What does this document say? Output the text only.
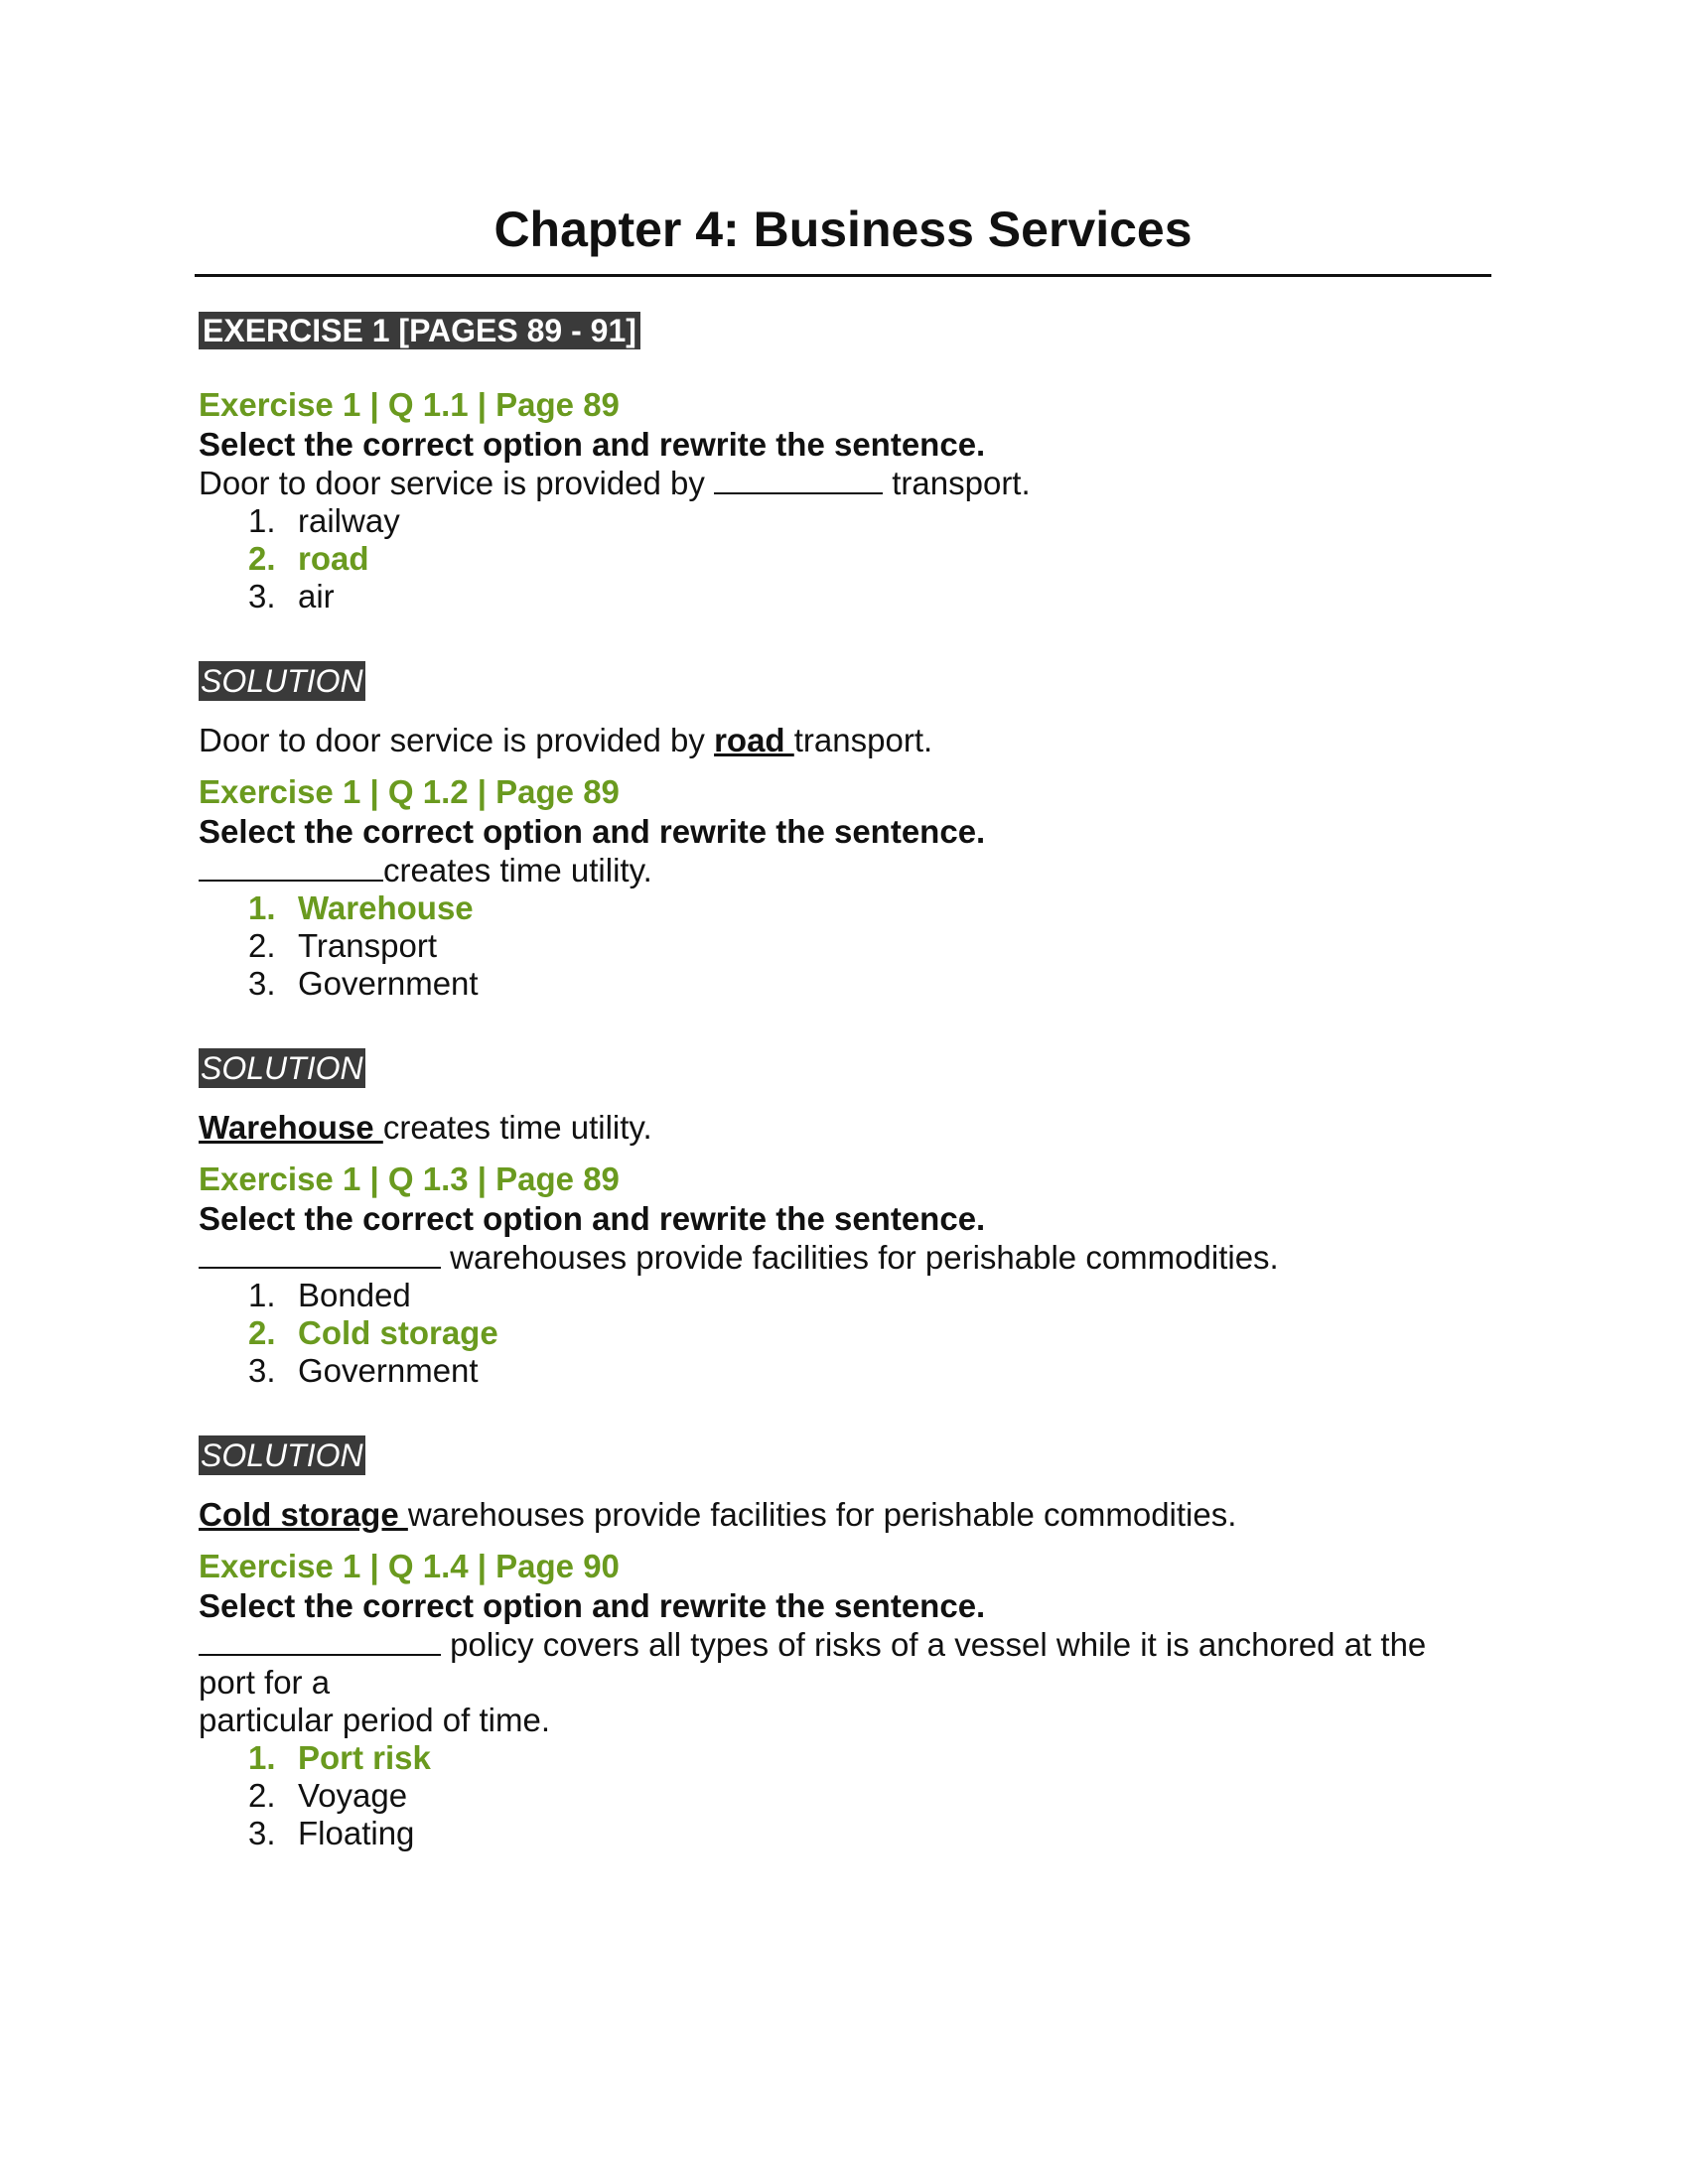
Chapter 4: Business Services
EXERCISE 1 [PAGES 89 - 91]

Exercise 1 | Q 1.1 | Page 89

Select the correct option and rewrite the sentence.

Door to door service is provided by	transport.

1. railway
2. road
3. air
SOLUTION

Door to door service is provided by road transport.

Exercise 1 | Q 1.2 | Page 89

Select the correct option and rewrite the sentence.

creates time utility.

1. Warehouse
2. Transport
3. Government
SOLUTION

Warehouse creates time utility.

Exercise 1 | Q 1.3 | Page 89

Select the correct option and rewrite the sentence.

warehouses provide facilities for perishable commodities.

1. Bonded
2. Cold storage
3. Government
SOLUTION

Cold storage warehouses provide facilities for perishable commodities.

Exercise 1 | Q 1.4 | Page 90

Select the correct option and rewrite the sentence.

policy covers all types of risks of a vessel while it is anchored at the

port for a

particular period of time.

1. Port risk
2. Voyage
3. Floating
